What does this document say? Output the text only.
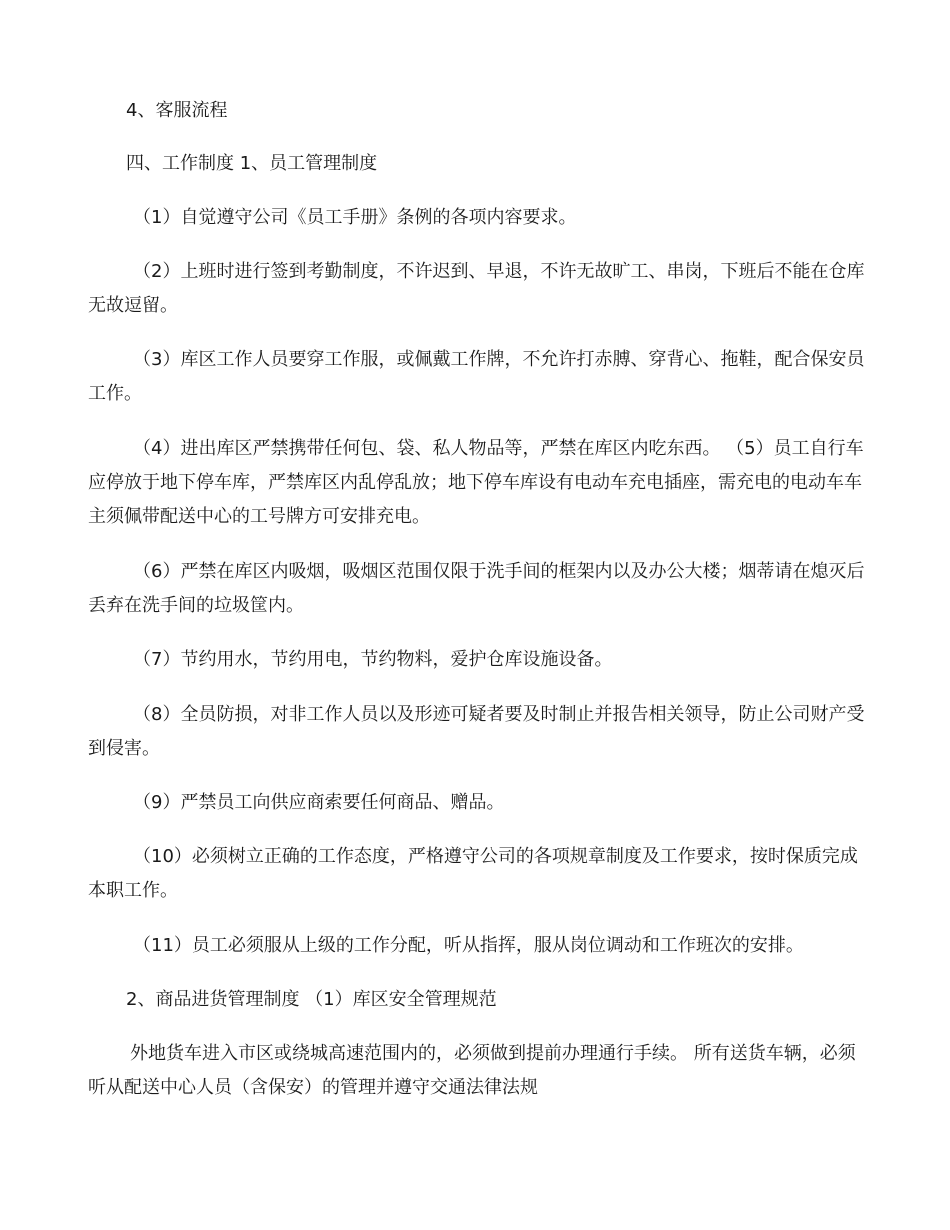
4、客服流程

四、工作制度 1、员工管理制度

（1）自觉遵守公司《员工手册》条例的各项内容要求。

（2）上班时进行签到考勤制度，不许迟到、早退，不许无故旷工、串岗，下班后不能在仓库无故逗留。

（3）库区工作人员要穿工作服，或佩戴工作牌，不允许打赤膊、穿背心、拖鞋，配合保安员工作。

（4）进出库区严禁携带任何包、袋、私人物品等，严禁在库区内吃东西。 （5）员工自行车应停放于地下停车库，严禁库区内乱停乱放；地下停车库设有电动车充电插座，需充电的电动车车主须佩带配送中心的工号牌方可安排充电。

（6）严禁在库区内吸烟，吸烟区范围仅限于洗手间的框架内以及办公大楼；烟蒂请在熄灭后丢弃在洗手间的垃圾筐内。

（7）节约用水，节约用电，节约物料，爱护仓库设施设备。

（8）全员防损，对非工作人员以及形迹可疑者要及时制止并报告相关领导，防止公司财产受到侵害。

（9）严禁员工向供应商索要任何商品、赠品。

（10）必须树立正确的工作态度，严格遵守公司的各项规章制度及工作要求，按时保质完成本职工作。

（11）员工必须服从上级的工作分配，听从指挥，服从岗位调动和工作班次的安排。

2、商品进货管理制度 （1）库区安全管理规范

外地货车进入市区或绕城高速范围内的，必须做到提前办理通行手续。 所有送货车辆，必须听从配送中心人员（含保安）的管理并遵守交通法律法规
